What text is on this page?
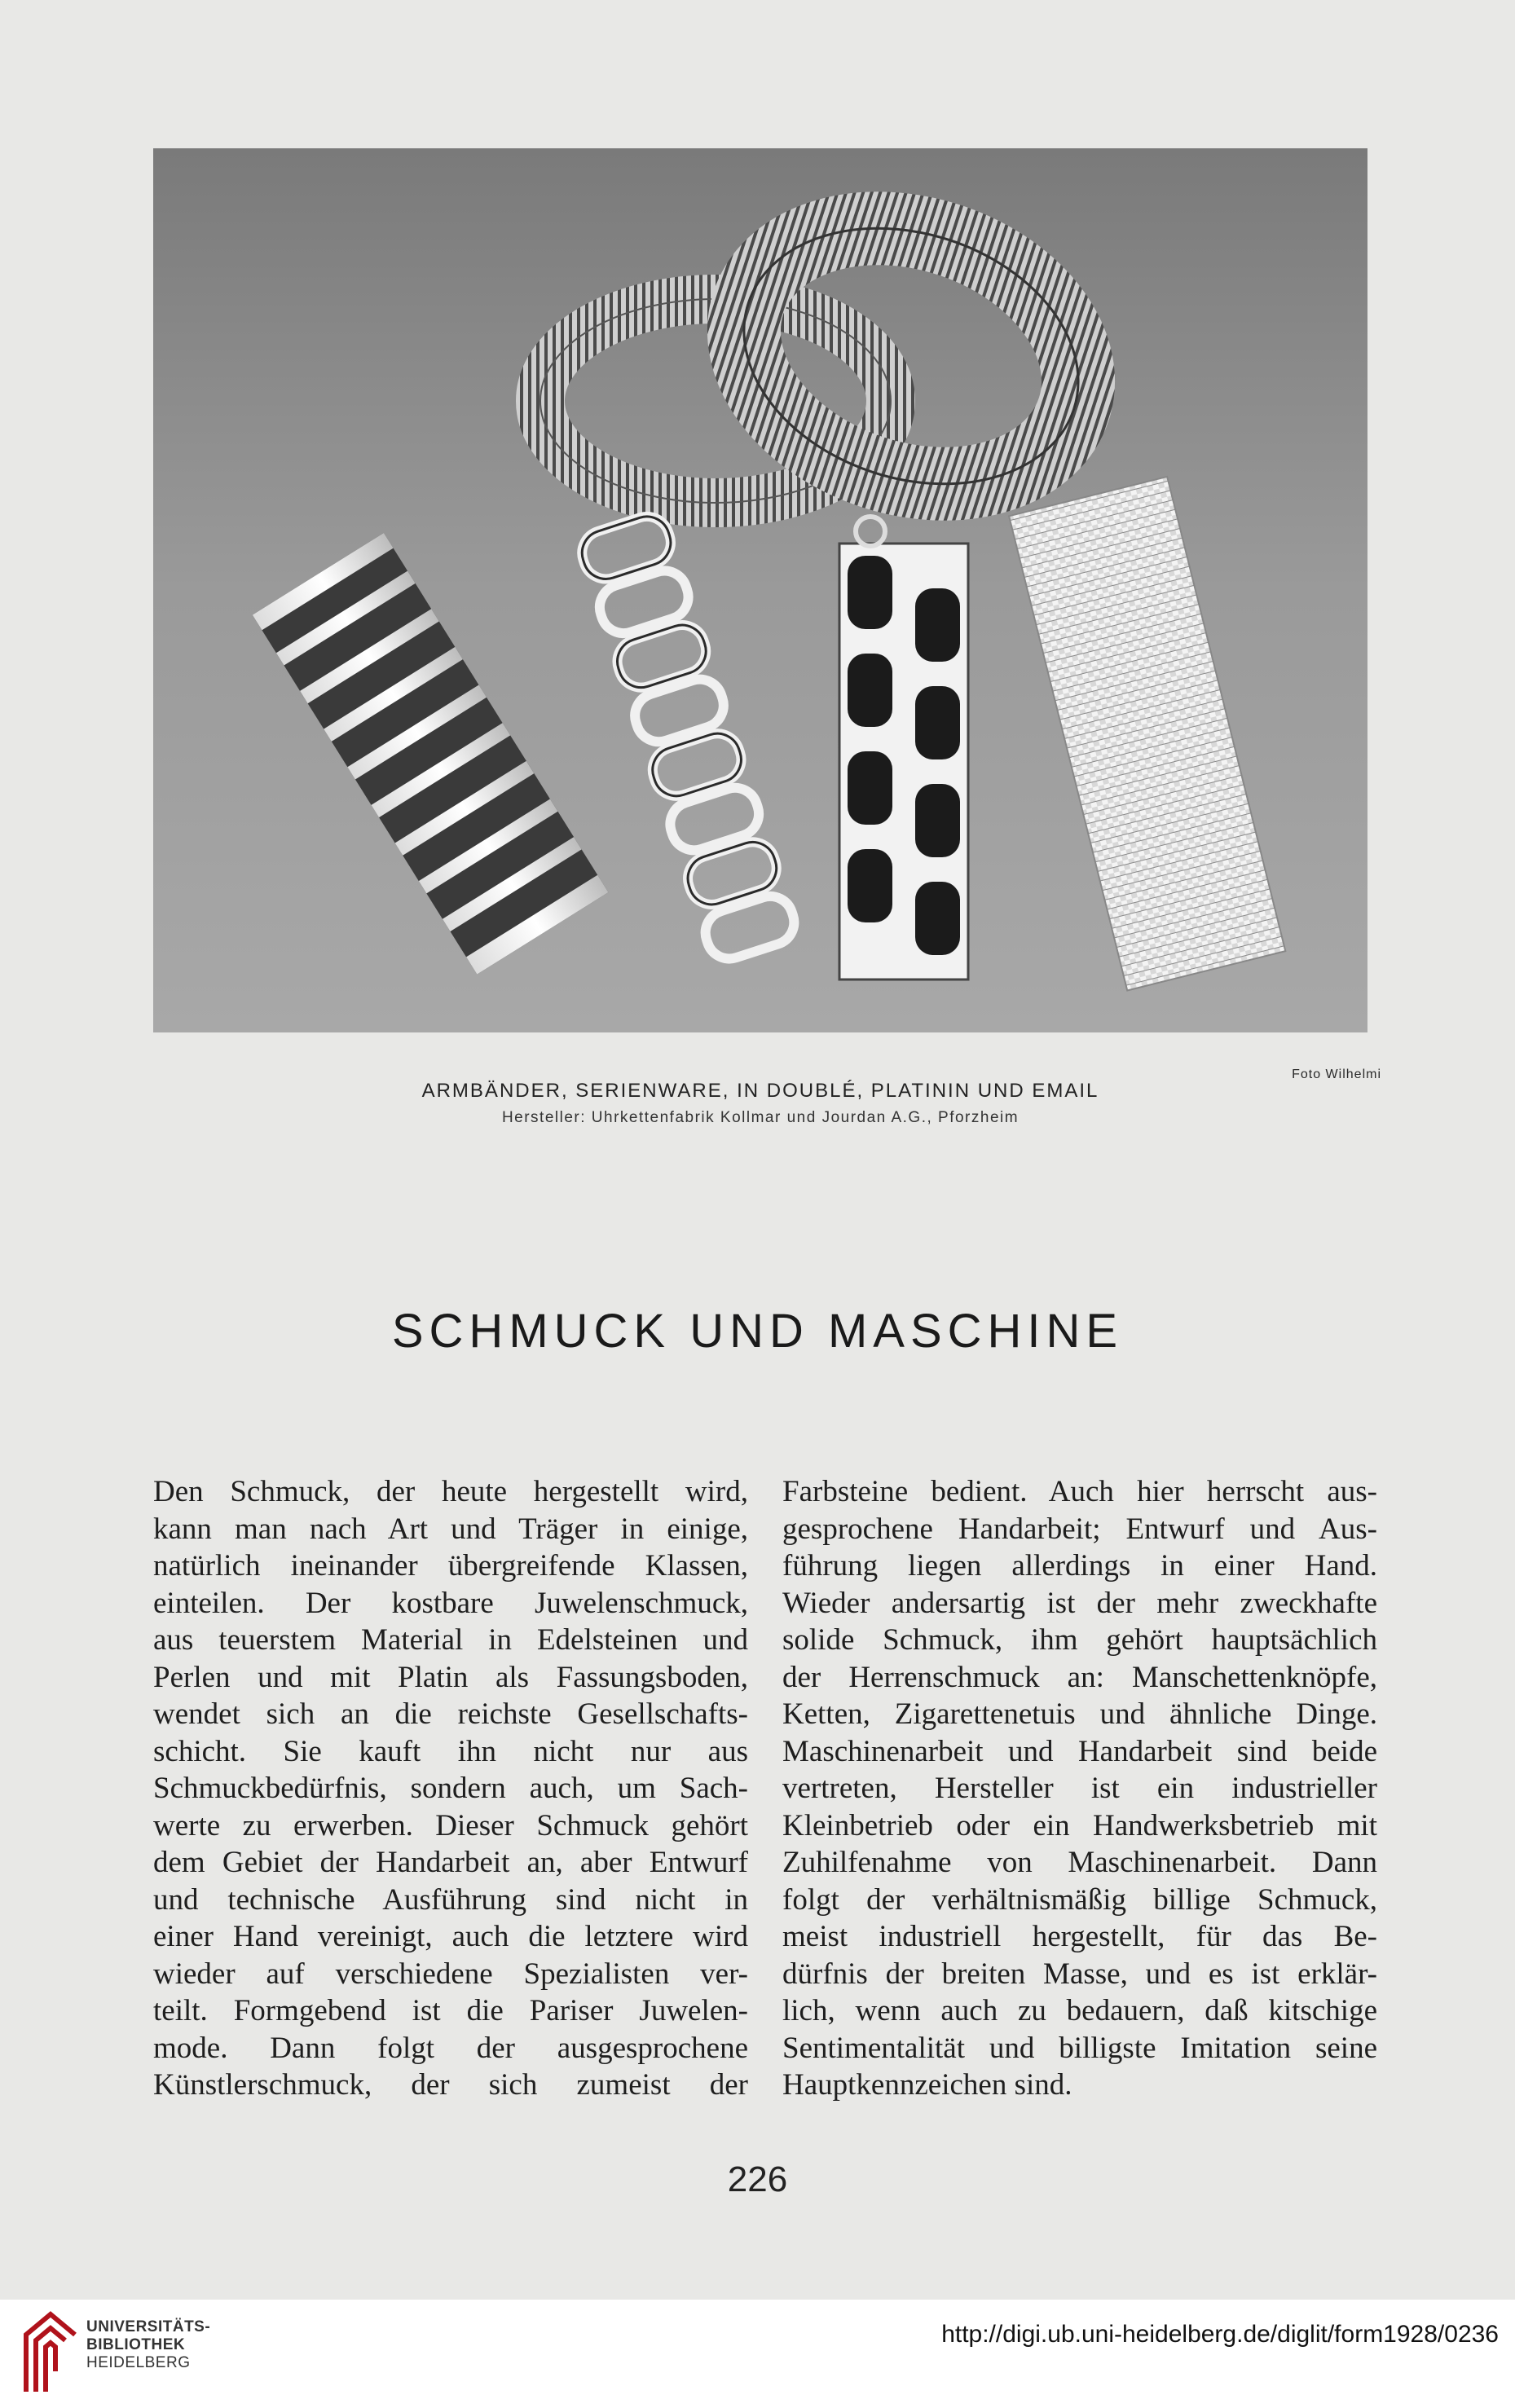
Foto Wilhelmi
ARMBÄNDER, SERIENWARE, IN DOUBLÉ, PLATININ UND EMAIL
Hersteller: Uhrkettenfabrik Kollmar und Jourdan A.G., Pforzheim
SCHMUCK UND MASCHINE
Den Schmuck, der heute hergestellt wird,
kann man nach Art und Träger in einige,
natürlich ineinander übergreifende Klassen,
einteilen. Der kostbare Juwelenschmuck,
aus teuerstem Material in Edelsteinen und
Perlen und mit Platin als Fassungsboden,
wendet sich an die reichste Gesellschafts-
schicht. Sie kauft ihn nicht nur aus
Schmuckbedürfnis, sondern auch, um Sach-
werte zu erwerben. Dieser Schmuck gehört
dem Gebiet der Handarbeit an, aber Entwurf
und technische Ausführung sind nicht in
einer Hand vereinigt, auch die letztere wird
wieder auf verschiedene Spezialisten ver-
teilt. Formgebend ist die Pariser Juwelen-
mode. Dann folgt der ausgesprochene
Künstlerschmuck, der sich zumeist der
Farbsteine bedient. Auch hier herrscht aus-
gesprochene Handarbeit; Entwurf und Aus-
führung liegen allerdings in einer Hand.
Wieder andersartig ist der mehr zweckhafte
solide Schmuck, ihm gehört hauptsächlich
der Herrenschmuck an: Manschettenknöpfe,
Ketten, Zigarettenetuis und ähnliche Dinge.
Maschinenarbeit und Handarbeit sind beide
vertreten, Hersteller ist ein industrieller
Kleinbetrieb oder ein Handwerksbetrieb mit
Zuhilfenahme von Maschinenarbeit. Dann
folgt der verhältnismäßig billige Schmuck,
meist industriell hergestellt, für das Be-
dürfnis der breiten Masse, und es ist erklär-
lich, wenn auch zu bedauern, daß kitschige
Sentimentalität und billigste Imitation seine
Hauptkennzeichen sind.
226
UNIVERSITÄTS-
BIBLIOTHEK
HEIDELBERG
http://digi.ub.uni-heidelberg.de/diglit/form1928/0236
